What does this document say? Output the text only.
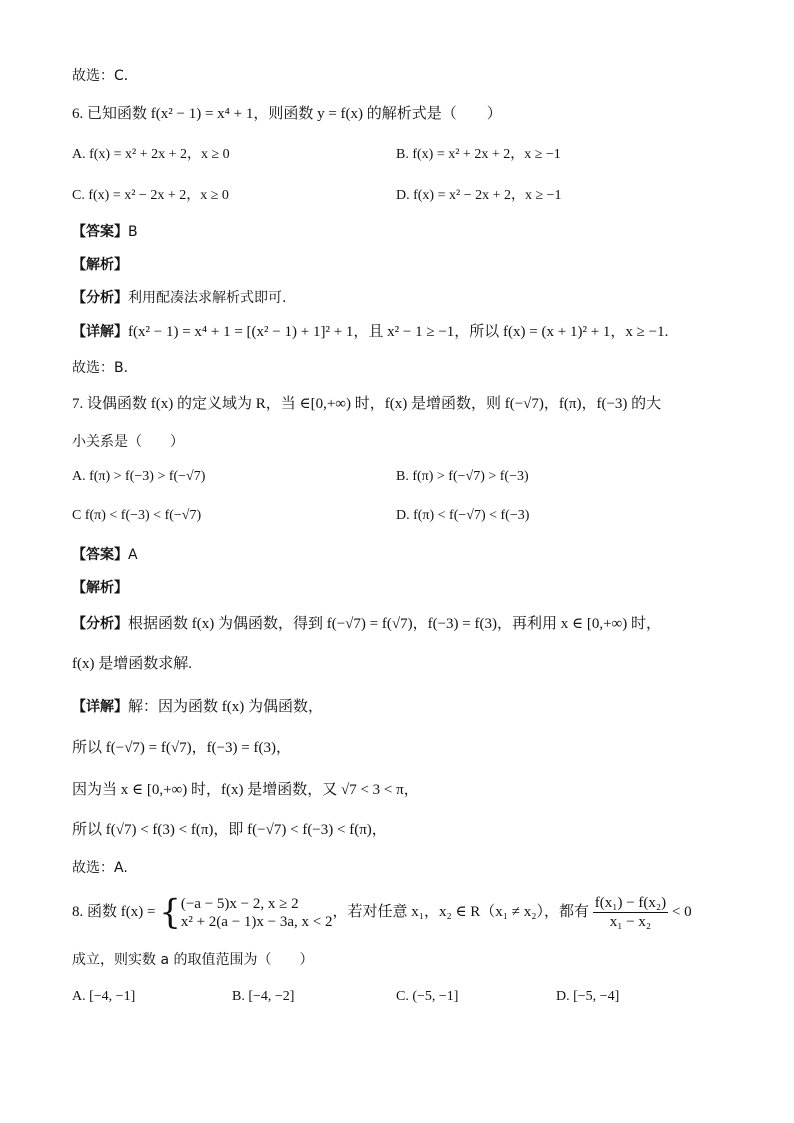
故选：C．
6. 已知函数 f(x² − 1) = x⁴ + 1，则函数 y = f(x) 的解析式是（　　）
A. f(x) = x² + 2x + 2，x ≥ 0	B. f(x) = x² + 2x + 2，x ≥ −1
C. f(x) = x² − 2x + 2，x ≥ 0	D. f(x) = x² − 2x + 2，x ≥ −1
【答案】B
【解析】
【分析】利用配凑法求解析式即可.
【详解】f(x² − 1) = x⁴ + 1 = [(x² − 1) + 1]² + 1，且 x² − 1 ≥ −1，所以 f(x) = (x + 1)² + 1，x ≥ −1.
故选：B.
7. 设偶函数 f(x) 的定义域为 R，当 ∈[0,+∞) 时，f(x) 是增函数，则 f(−√7)，f(π)，f(−3) 的大
小关系是（　　）
A. f(π) > f(−3) > f(−√7)	B. f(π) > f(−√7) > f(−3)
C f(π) < f(−3) < f(−√7)	D. f(π) < f(−√7) < f(−3)
【答案】A
【解析】
【分析】根据函数 f(x) 为偶函数，得到 f(−√7) = f(√7)，f(−3) = f(3)，再利用 x ∈ [0,+∞) 时，
f(x) 是增函数求解.
【详解】解：因为函数 f(x) 为偶函数，
所以 f(−√7) = f(√7)，f(−3) = f(3)，
因为当 x ∈ [0,+∞) 时，f(x) 是增函数，又 √7 < 3 < π，
所以 f(√7) < f(3) < f(π)，即 f(−√7) < f(−3) < f(π)，
故选：A.
8. 函数 f(x) = { (−a − 5)x − 2, x ≥ 2
x² + 2(a − 1)x − 3a, x < 2
，若对任意 x₁，x₂ ∈ R（x₁ ≠ x₂），都有 $\frac{\text{f(x₁) − f(x₂)}}{\text{x₁ − x₂}} < 0$
成立，则实数 a 的取值范围为（　　）
A. [−4, −1]	B. [−4, −2]	C. (−5, −1]	D. [−5, −4]
